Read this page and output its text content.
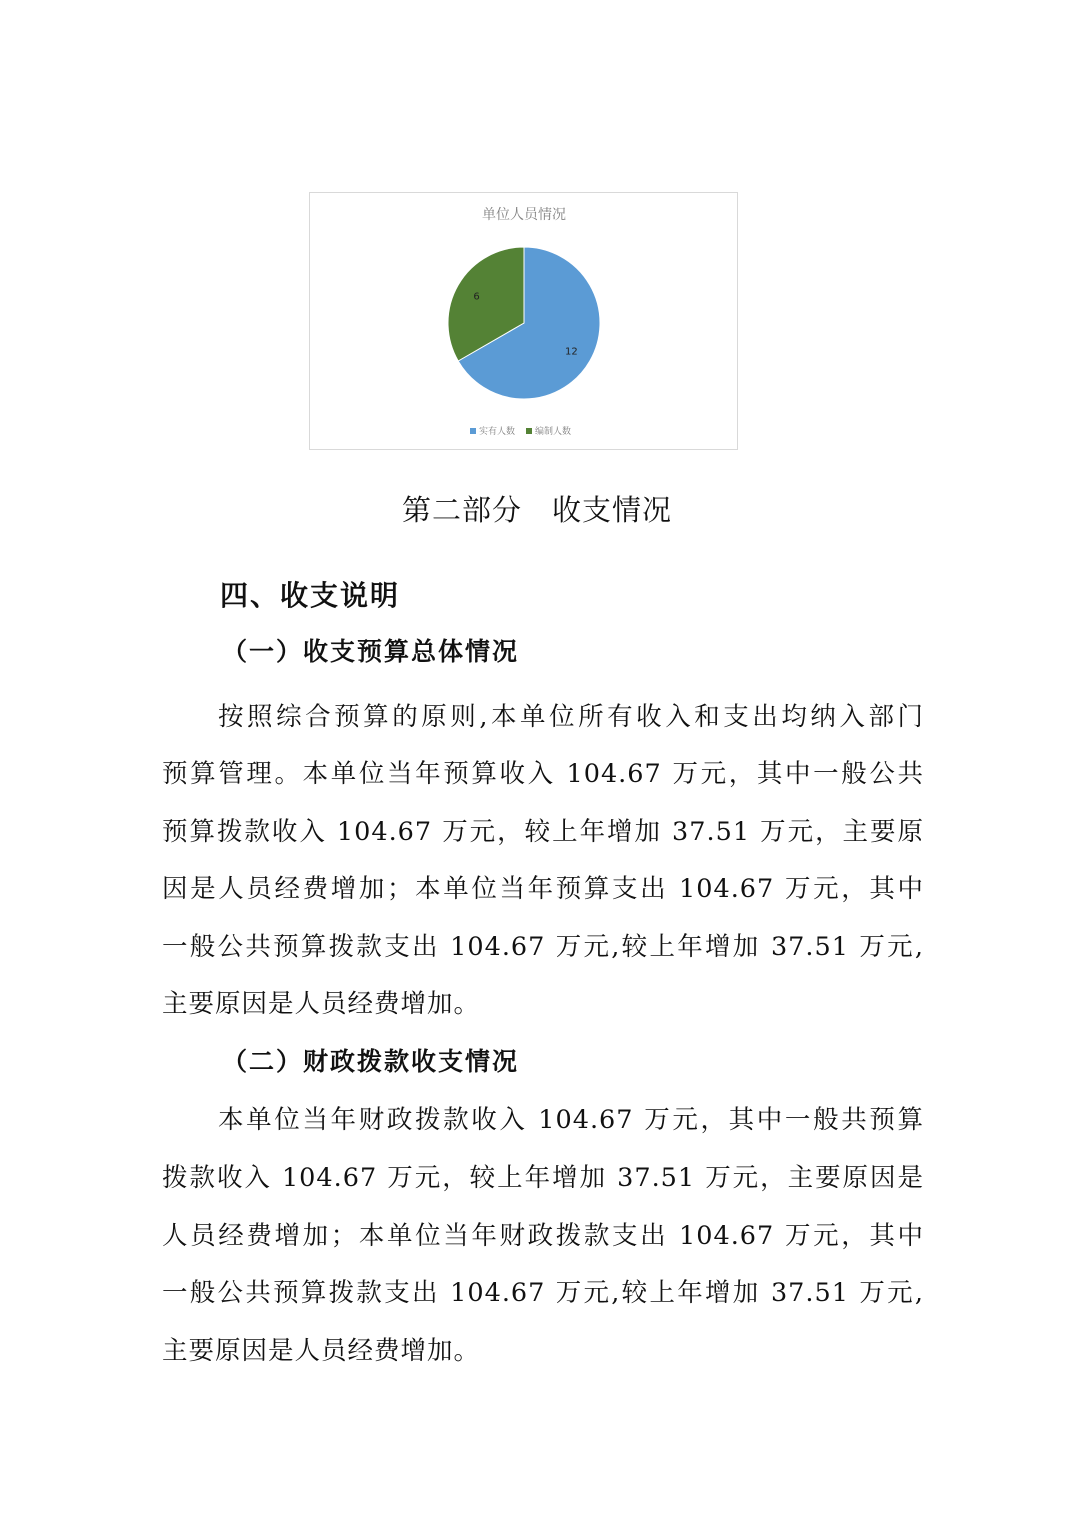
单位人员情况
12
6
实有人数 编制人数
第二部分 收支情况
四、收支说明
（一）收支预算总体情况
按照综合预算的原则,本单位所有收入和支出均纳入部门
预算管理。本单位当年预算收入 104.67 万元，其中一般公共
预算拨款收入 104.67 万元，较上年增加 37.51 万元，主要原
因是人员经费增加；本单位当年预算支出 104.67 万元，其中
一般公共预算拨款支出 104.67 万元,较上年增加 37.51 万元,
主要原因是人员经费增加。
（二）财政拨款收支情况
本单位当年财政拨款收入 104.67 万元，其中一般共预算
拨款收入 104.67 万元，较上年增加 37.51 万元，主要原因是
人员经费增加；本单位当年财政拨款支出 104.67 万元，其中
一般公共预算拨款支出 104.67 万元,较上年增加 37.51 万元,
主要原因是人员经费增加。
